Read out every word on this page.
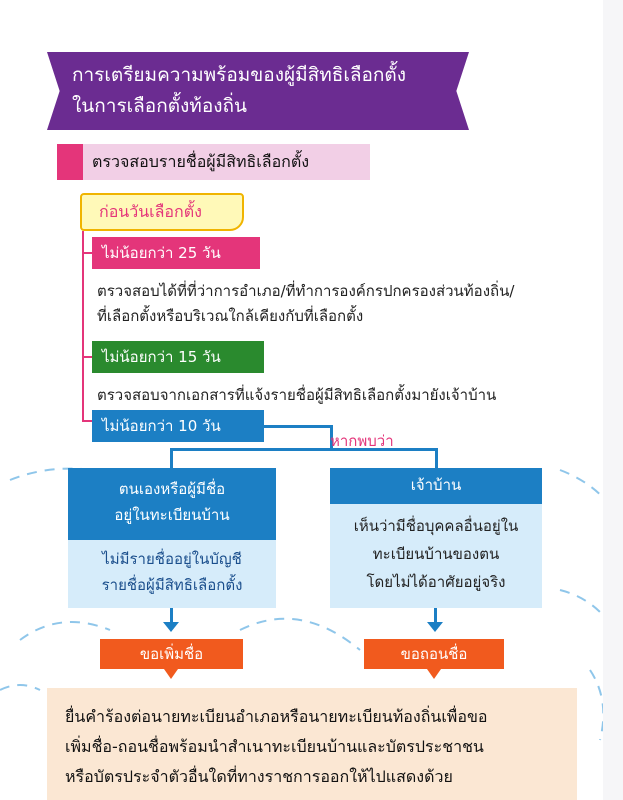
การเตรียมความพร้อมของผู้มีสิทธิเลือกตั้ง
ในการเลือกตั้งท้องถิ่น
ตรวจสอบรายชื่อผู้มีสิทธิเลือกตั้ง
ก่อนวันเลือกตั้ง
ไม่น้อยกว่า 25 วัน
ตรวจสอบได้ที่ที่ว่าการอำเภอ/ที่ทำการองค์กรปกครองส่วนท้องถิ่น/
ที่เลือกตั้งหรือบริเวณใกล้เคียงกับที่เลือกตั้ง
ไม่น้อยกว่า 15 วัน
ตรวจสอบจากเอกสารที่แจ้งรายชื่อผู้มีสิทธิเลือกตั้งมายังเจ้าบ้าน
ไม่น้อยกว่า 10 วัน
หากพบว่า
ตนเองหรือผู้มีชื่อ
อยู่ในทะเบียนบ้าน
ไม่มีรายชื่ออยู่ในบัญชี
รายชื่อผู้มีสิทธิเลือกตั้ง
เจ้าบ้าน
เห็นว่ามีชื่อบุคคลอื่นอยู่ใน
ทะเบียนบ้านของตน
โดยไม่ได้อาศัยอยู่จริง
ขอเพิ่มชื่อ	ขอถอนชื่อ
ยื่นคำร้องต่อนายทะเบียนอำเภอหรือนายทะเบียนท้องถิ่นเพื่อขอ
เพิ่มชื่อ-ถอนชื่อพร้อมนำสำเนาทะเบียนบ้านและบัตรประชาชน
หรือบัตรประจำตัวอื่นใดที่ทางราชการออกให้ไปแสดงด้วย
